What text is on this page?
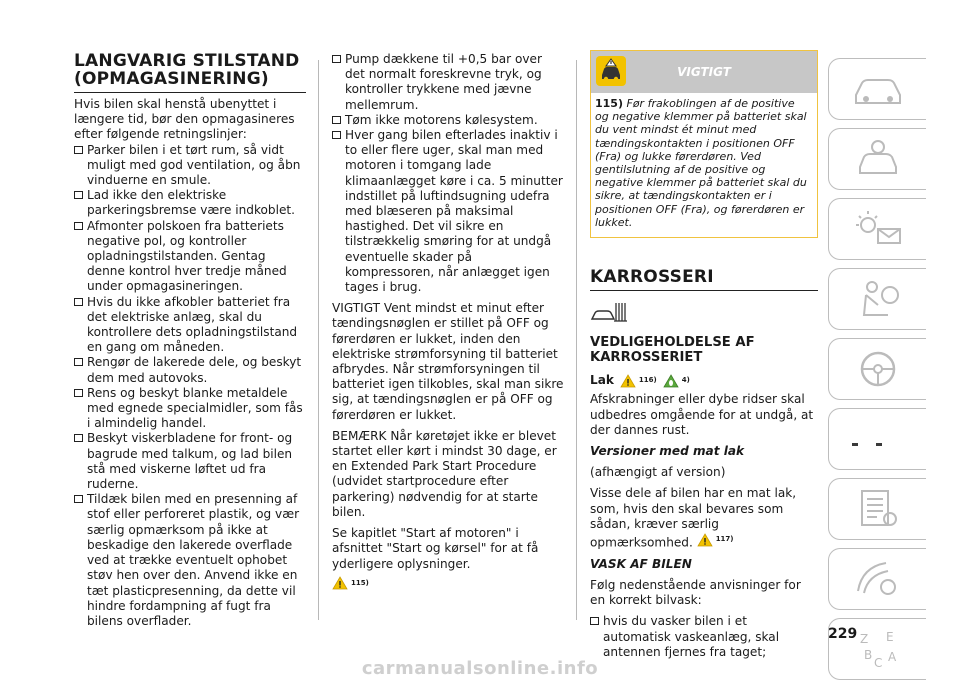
LANGVARIG STILSTAND (OPMAGASINERING)

Hvis bilen skal henstå ubenyttet i længere tid, bør den opmagasineres efter følgende retningslinjer:

Parker bilen i et tørt rum, så vidt muligt med god ventilation, og åbn vinduerne en smule.
Lad ikke den elektriske parkeringsbremse være indkoblet.
Afmonter polskoen fra batteriets negative pol, og kontroller opladningstilstanden. Gentag denne kontrol hver tredje måned under opmagasineringen.
Hvis du ikke afkobler batteriet fra det elektriske anlæg, skal du kontrollere dets opladningstilstand en gang om måneden.
Rengør de lakerede dele, og beskyt dem med autovoks.
Rens og beskyt blanke metaldele med egnede specialmidler, som fås i almindelig handel.
Beskyt viskerbladene for front- og bagrude med talkum, og lad bilen stå med viskerne løftet ud fra ruderne.
Tildæk bilen med en presenning af stof eller perforeret plastik, og vær særlig opmærksom på ikke at beskadige den lakerede overflade ved at trække eventuelt ophobet støv hen over den. Anvend ikke en tæt plasticpresenning, da dette vil hindre fordampning af fugt fra bilens overflader.
Pump dækkene til +0,5 bar over det normalt foreskrevne tryk, og kontroller trykkene med jævne mellemrum.
Tøm ikke motorens kølesystem.
Hver gang bilen efterlades inaktiv i to eller flere uger, skal man med motoren i tomgang lade klimaanlægget køre i ca. 5 minutter indstillet på luftindsugning udefra med blæseren på maksimal hastighed. Det vil sikre en tilstrækkelig smøring for at undgå eventuelle skader på kompressoren, når anlægget igen tages i brug.

VIGTIGT Vent mindst et minut efter tændingsnøglen er stillet på OFF og førerdøren er lukket, inden den elektriske strømforsyning til batteriet afbrydes. Når strømforsyningen til batteriet igen tilkobles, skal man sikre sig, at tændingsnøglen er på OFF og førerdøren er lukket.

BEMÆRK Når køretøjet ikke er blevet startet eller kørt i mindst 30 dage, er en Extended Park Start Procedure (udvidet startprocedure efter parkering) nødvendig for at starte bilen.

Se kapitlet "Start af motoren" i afsnittet "Start og kørsel" for at få yderligere oplysninger.

115)
VIGTIGT
115) Før frakoblingen af de positive og negative klemmer på batteriet skal du vent mindst ét minut med tændingskontakten i positionen OFF (Fra) og lukke førerdøren. Ved gentilslutning af de positive og negative klemmer på batteriet skal du sikre, at tændingskontakten er i positionen OFF (Fra), og førerdøren er lukket.
KARROSSERI
VEDLIGEHOLDELSE AF KARROSSERIET
Lak	116)	4)

Afskrabninger eller dybe ridser skal udbedres omgående for at undgå, at der dannes rust.

Versioner med mat lak

(afhængigt af version)

Visse dele af bilen har en mat lak, som, hvis den skal bevares som sådan, kræver særlig opmærksomhed.	117)

VASK AF BILEN

Følg nedenstående anvisninger for en korrekt bilvask:

hvis du vasker bilen i et automatisk vaskeanlæg, skal antennen fjernes fra taget;
Z E
B
C A
229
carmanualsonline.info
